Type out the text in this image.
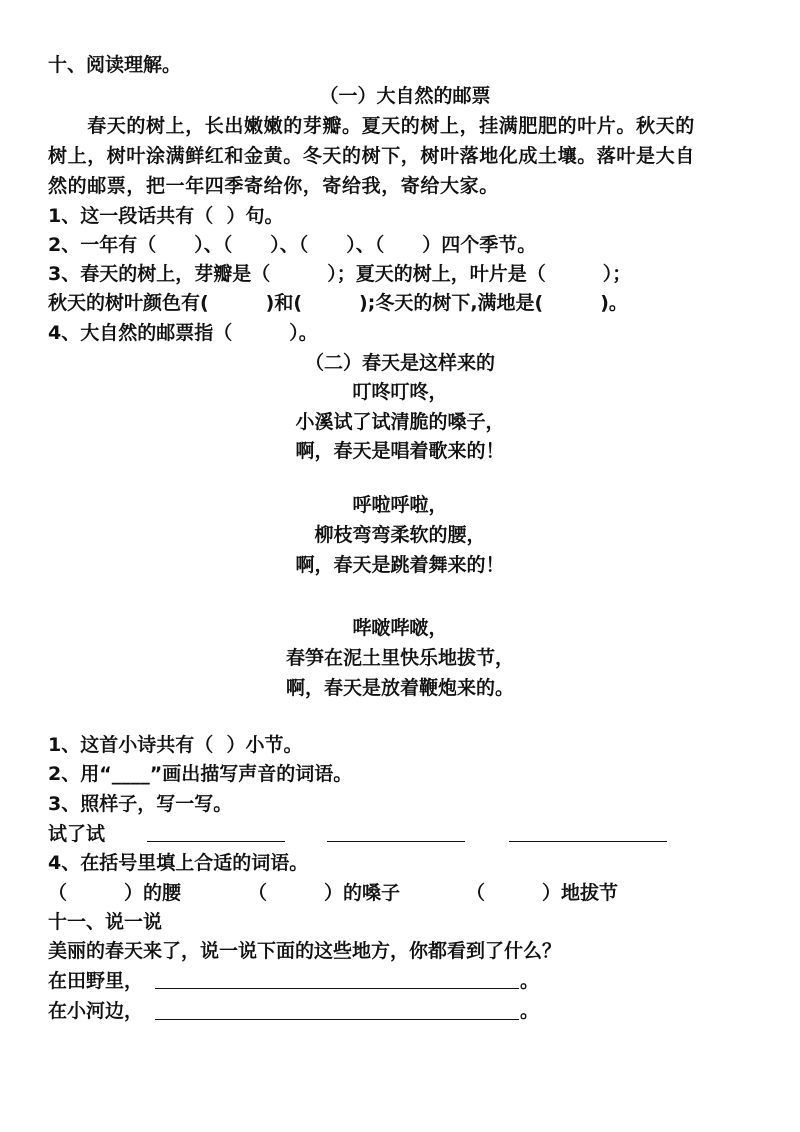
十、阅读理解。
（一）大自然的邮票
　　春天的树上，长出嫩嫩的芽瓣。夏天的树上，挂满肥肥的叶片。秋天的
树上，树叶涂满鲜红和金黄。冬天的树下，树叶落地化成土壤。落叶是大自
然的邮票，把一年四季寄给你，寄给我，寄给大家。
1、这一段话共有（  ）句。
2、一年有（　　）、（　　）、（　　）、（　　）四个季节。
3、春天的树上，芽瓣是（　　　）；夏天的树上，叶片是（　　　）；
秋天的树叶颜色有(　　　)和(　　　);冬天的树下,满地是(　　　)。
4、大自然的邮票指（　　　）。
（二）春天是这样来的
叮咚叮咚，
小溪试了试清脆的嗓子，
啊，春天是唱着歌来的！
呼啦呼啦，
柳枝弯弯柔软的腰，
啊，春天是跳着舞来的！
哔啵哔啵，
春笋在泥土里快乐地拔节，
啊，春天是放着鞭炮来的。
1、这首小诗共有（  ）小节。
2、用“____”画出描写声音的词语。
3、照样子，写一写。
试了试
4、在括号里填上合适的词语。
（　　　）的腰	（　　　）的嗓子	（　　　）地拔节
十一、说一说
美丽的春天来了，说一说下面的这些地方，你都看到了什么？
在田野里，	。
在小河边，	。
